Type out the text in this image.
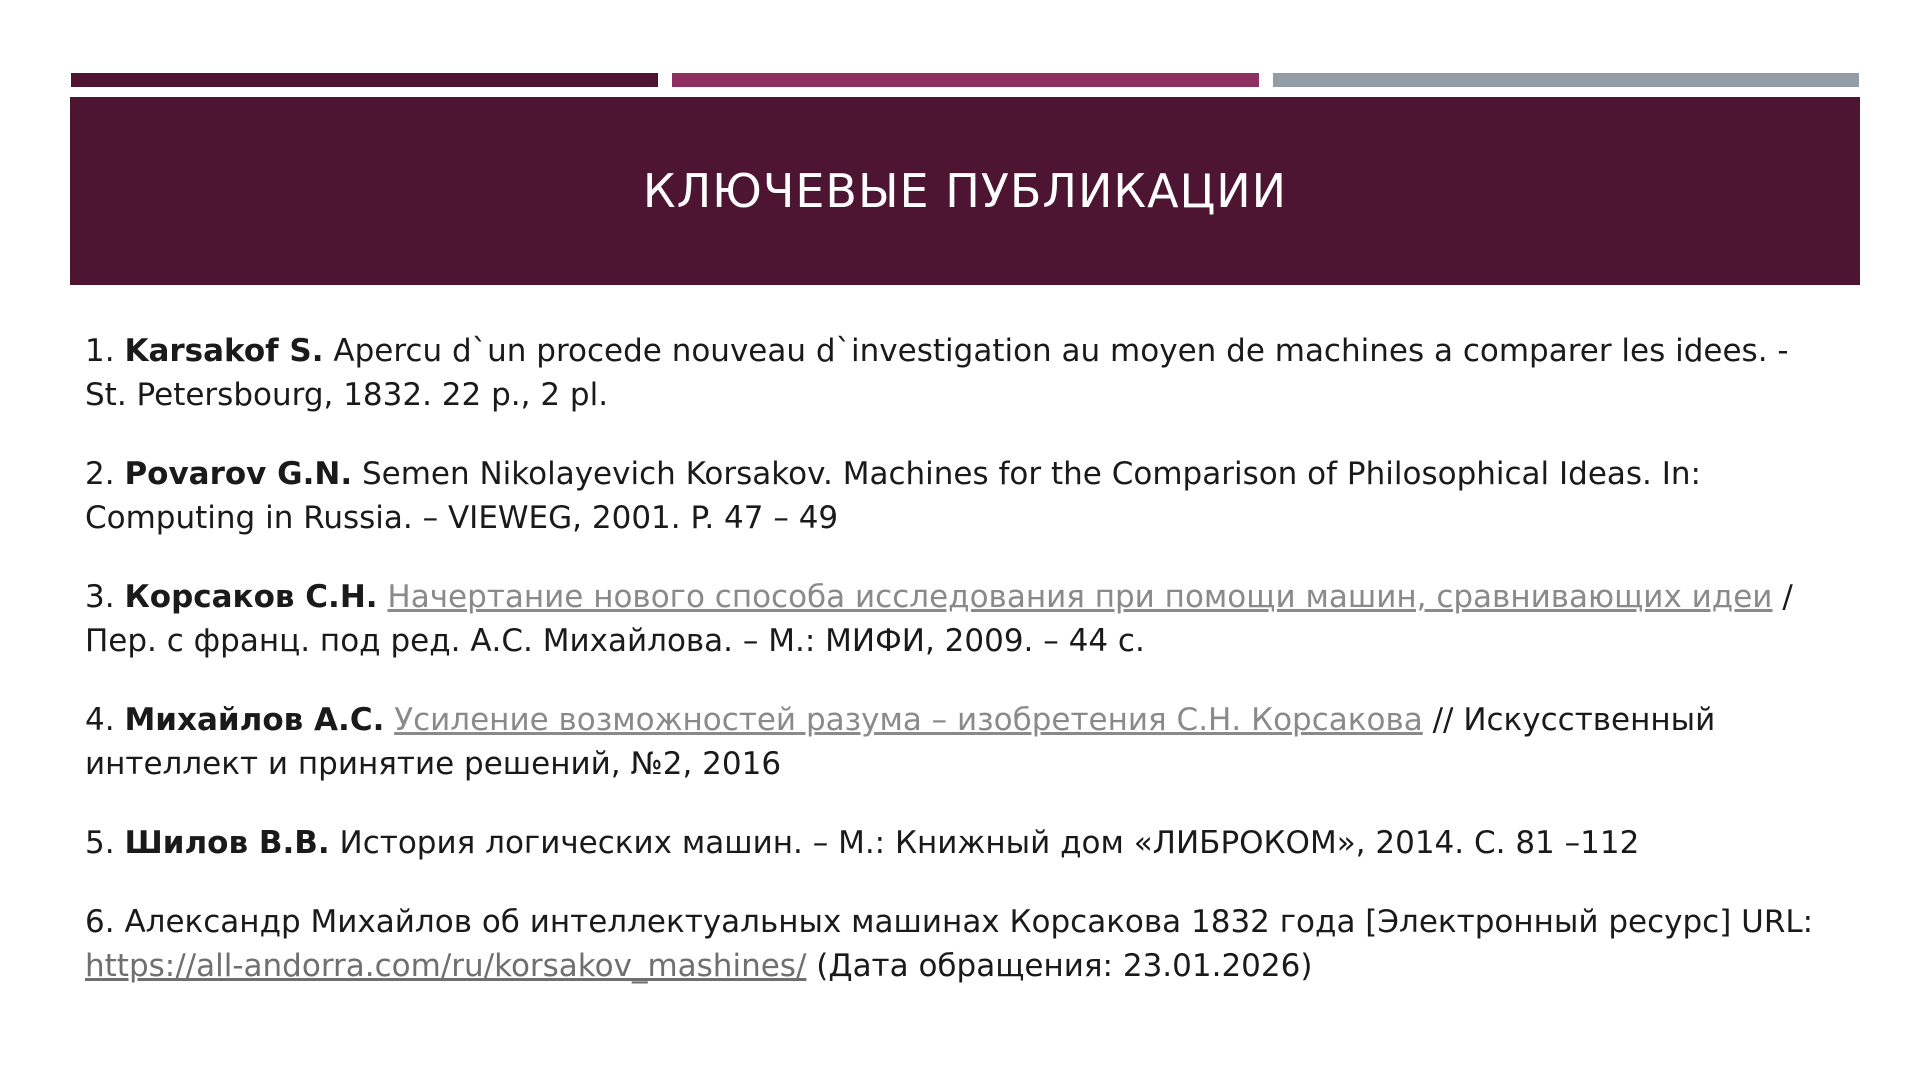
КЛЮЧЕВЫЕ ПУБЛИКАЦИИ

1. Karsakof S. Apercu d`un procede nouveau d`investigation au moyen de machines a comparer les idees. - St. Petersbourg, 1832. 22 p., 2 pl.

2. Povarov G.N. Semen Nikolayevich Korsakov. Machines for the Comparison of Philosophical Ideas. In: Computing in Russia. – VIEWEG, 2001. P. 47 – 49

3. Корсаков С.Н. Начертание нового способа исследования при помощи машин, сравнивающих идеи / Пер. с франц. под ред. А.С. Михайлова. – М.: МИФИ, 2009. – 44 с.

4. Михайлов А.С. Усиление возможностей разума – изобретения С.Н. Корсакова // Искусственный интеллект и принятие решений, №2, 2016

5. Шилов В.В. История логических машин. – М.: Книжный дом «ЛИБРОКОМ», 2014. С. 81 –112

6. Александр Михайлов об интеллектуальных машинах Корсакова 1832 года [Электронный ресурс] URL: https://all-andorra.com/ru/korsakov_mashines/ (Дата обращения: 23.01.2026)
